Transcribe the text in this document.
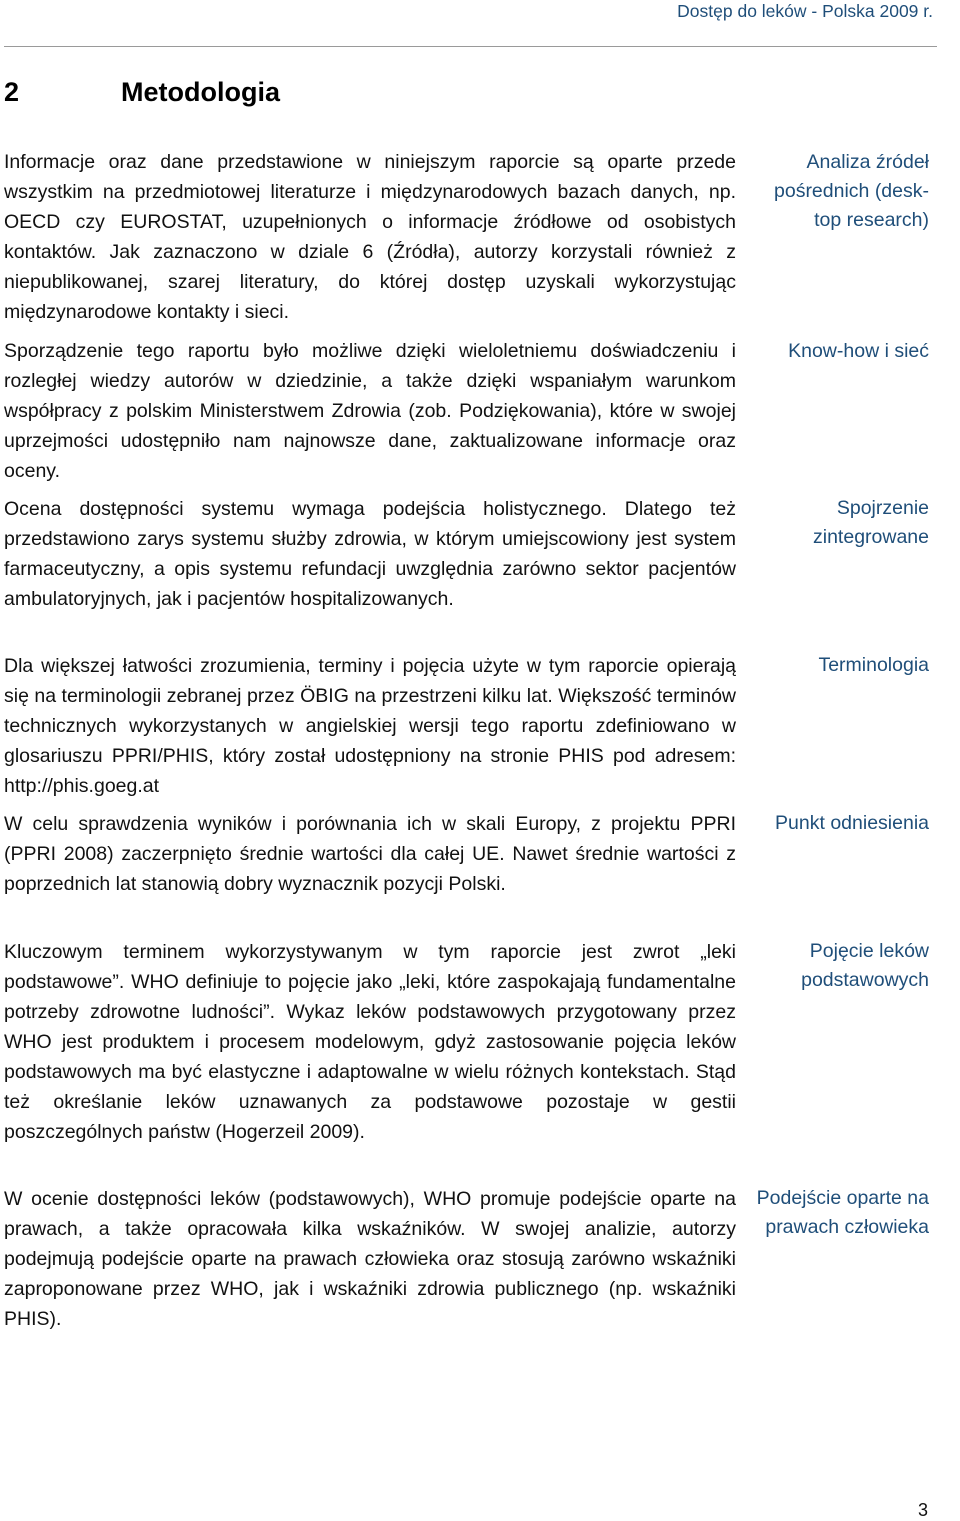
Dostęp do leków - Polska 2009 r.
2	Metodologia

Informacje oraz dane przedstawione w niniejszym raporcie są oparte przede wszystkim na przedmiotowej literaturze i międzynarodowych bazach danych, np. OECD czy EUROSTAT, uzupełnionych o informacje źródłowe od osobistych kontaktów. Jak zaznaczono w dziale 6 (Źródła), autorzy korzystali również z niepublikowanej, szarej literatury, do której dostęp uzyskali wykorzystując międzynarodowe kontakty i sieci.

Sporządzenie tego raportu było możliwe dzięki wieloletniemu doświadczeniu i rozległej wiedzy autorów w dziedzinie, a także dzięki wspaniałym warunkom współpracy z polskim Ministerstwem Zdrowia (zob. Podziękowania), które w swojej uprzejmości udostępniło nam najnowsze dane, zaktualizowane informacje oraz oceny.

Ocena dostępności systemu wymaga podejścia holistycznego. Dlatego też przedstawiono zarys systemu służby zdrowia, w którym umiejscowiony jest system farmaceutyczny, a opis systemu refundacji uwzględnia zarówno sektor pacjentów ambulatoryjnych, jak i pacjentów hospitalizowanych.

Dla większej łatwości zrozumienia, terminy i pojęcia użyte w tym raporcie opierają się na terminologii zebranej przez ÖBIG na przestrzeni kilku lat. Większość terminów technicznych wykorzystanych w angielskiej wersji tego raportu zdefiniowano w glosariuszu PPRI/PHIS, który został udostępniony na stronie PHIS pod adresem: http://phis.goeg.at

W celu sprawdzenia wyników i porównania ich w skali Europy, z projektu PPRI (PPRI 2008) zaczerpnięto średnie wartości dla całej UE. Nawet średnie wartości z poprzednich lat stanowią dobry wyznacznik pozycji Polski.

Kluczowym terminem wykorzystywanym w tym raporcie jest zwrot „leki podstawowe”. WHO definiuje to pojęcie jako „leki, które zaspokajają fundamentalne potrzeby zdrowotne ludności”. Wykaz leków podstawowych przygotowany przez WHO jest produktem i procesem modelowym, gdyż zastosowanie pojęcia leków podstawowych ma być elastyczne i adaptowalne w wielu różnych kontekstach. Stąd też określanie leków uznawanych za podstawowe pozostaje w gestii poszczególnych państw (Hogerzeil 2009).

W ocenie dostępności leków (podstawowych), WHO promuje podejście oparte na prawach, a także opracowała kilka wskaźników. W swojej analizie, autorzy podejmują podejście oparte na prawach człowieka oraz stosują zarówno wskaźniki zaproponowane przez WHO, jak i wskaźniki zdrowia publicznego (np. wskaźniki PHIS).

Analiza źródeł pośrednich (desk-top research)

Know-how i sieć

Spojrzenie zintegrowane

Terminologia

Punkt odniesienia

Pojęcie leków podstawowych

Podejście oparte na prawach człowieka

3
